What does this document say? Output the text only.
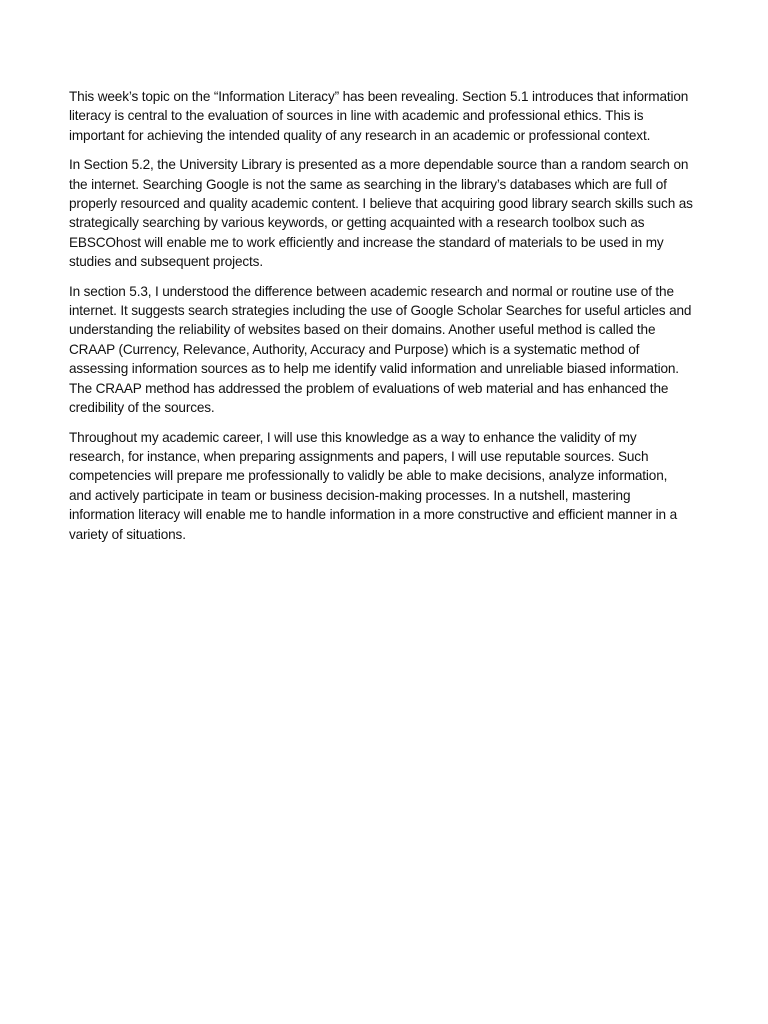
This week’s topic on the “Information Literacy” has been revealing. Section 5.1 introduces that information literacy is central to the evaluation of sources in line with academic and professional ethics. This is important for achieving the intended quality of any research in an academic or professional context.

In Section 5.2, the University Library is presented as a more dependable source than a random search on the internet. Searching Google is not the same as searching in the library’s databases which are full of properly resourced and quality academic content. I believe that acquiring good library search skills such as strategically searching by various keywords, or getting acquainted with a research toolbox such as EBSCOhost will enable me to work efficiently and increase the standard of materials to be used in my studies and subsequent projects.

In section 5.3, I understood the difference between academic research and normal or routine use of the internet. It suggests search strategies including the use of Google Scholar Searches for useful articles and understanding the reliability of websites based on their domains. Another useful method is called the CRAAP (Currency, Relevance, Authority, Accuracy and Purpose) which is a systematic method of assessing information sources as to help me identify valid information and unreliable biased information. The CRAAP method has addressed the problem of evaluations of web material and has enhanced the credibility of the sources.

Throughout my academic career, I will use this knowledge as a way to enhance the validity of my research, for instance, when preparing assignments and papers, I will use reputable sources. Such competencies will prepare me professionally to validly be able to make decisions, analyze information, and actively participate in team or business decision-making processes. In a nutshell, mastering information literacy will enable me to handle information in a more constructive and efficient manner in a variety of situations.
